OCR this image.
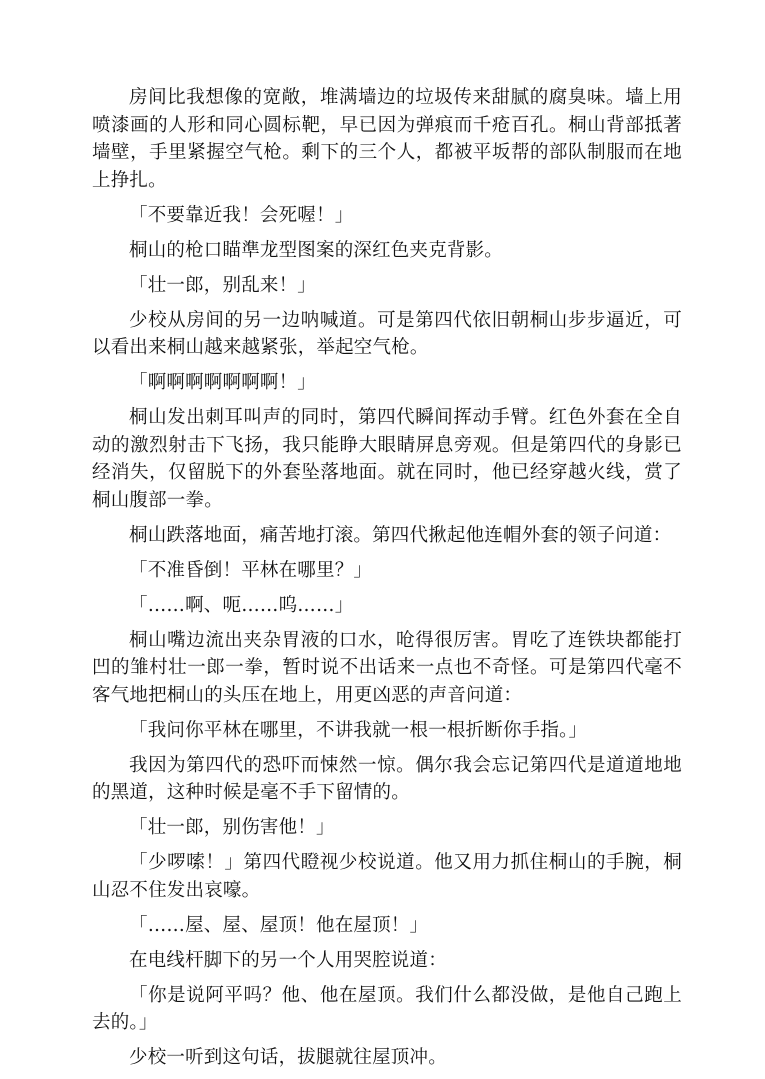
房间比我想像的宽敞，堆满墙边的垃圾传来甜腻的腐臭味。墙上用喷漆画的人形和同心圆标靶，早已因为弹痕而千疮百孔。桐山背部抵著墙壁，手里紧握空气枪。剩下的三个人，都被平坂帮的部队制服而在地上挣扎。

「不要靠近我！会死喔！」

桐山的枪口瞄準龙型图案的深红色夹克背影。

「壮一郎，别乱来！」

少校从房间的另一边呐喊道。可是第四代依旧朝桐山步步逼近，可以看出来桐山越来越紧张，举起空气枪。

「啊啊啊啊啊啊啊！」

桐山发出刺耳叫声的同时，第四代瞬间挥动手臂。红色外套在全自动的激烈射击下飞扬，我只能睁大眼睛屏息旁观。但是第四代的身影已经消失，仅留脱下的外套坠落地面。就在同时，他已经穿越火线，赏了桐山腹部一拳。

桐山跌落地面，痛苦地打滚。第四代揪起他连帽外套的领子问道：

「不准昏倒！平林在哪里？」

「……啊、呃……呜……」

桐山嘴边流出夹杂胃液的口水，呛得很厉害。胃吃了连铁块都能打凹的雏村壮一郎一拳，暂时说不出话来一点也不奇怪。可是第四代毫不客气地把桐山的头压在地上，用更凶恶的声音问道：

「我问你平林在哪里，不讲我就一根一根折断你手指。」

我因为第四代的恐吓而悚然一惊。偶尔我会忘记第四代是道道地地的黑道，这种时候是毫不手下留情的。

「壮一郎，别伤害他！」

「少啰嗦！」第四代瞪视少校说道。他又用力抓住桐山的手腕，桐山忍不住发出哀嚎。

「……屋、屋、屋顶！他在屋顶！」

在电线杆脚下的另一个人用哭腔说道：

「你是说阿平吗？他、他在屋顶。我们什么都没做，是他自己跑上去的。」

少校一听到这句话，拔腿就往屋顶冲。
